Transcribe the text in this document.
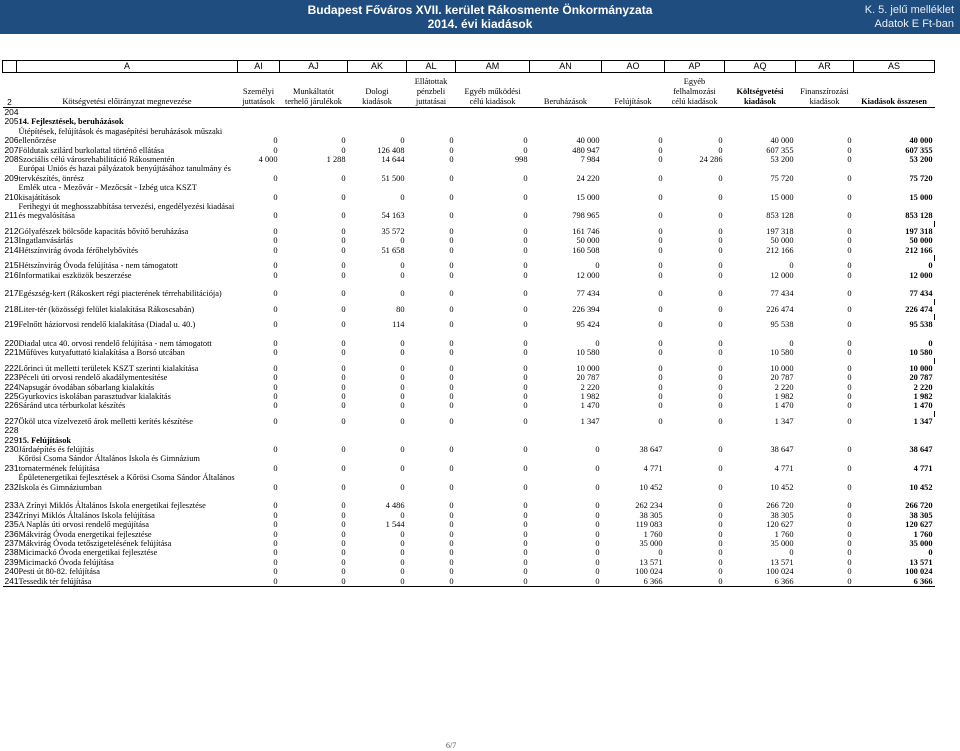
Budapest Főváros XVII. kerület Rákosmente Önkormányzata
2014. évi kiadások
K. 5. jelű melléklet
Adatok E Ft-ban
	A	AI	AJ	AK	AL	AM	AN	AO	AP	AQ	AR	AS
2	Kötségvetési előirányzat megnevezése	Személyi juttatások	Munkáltatót terhelő járulékok	Dologi kiadások	Ellátottak pénzbeli juttatásai	Egyéb működési célú kiadások	Beruházások	Felújítások	Egyéb felhalmozási célú kiadások	Költségvetési kiadások	Finanszírozási kiadások	Kiadások összesen
204												
205	14. Fejlesztések, beruházások											
206	Útépítések, felújítások és magasépítési beruházások műszaki ellenőrzése	0	0	0	0	0	40 000	0	0	40 000	0	40 000
207	Földutak szilárd burkolattal történő ellátása	0	0	126 408	0	0	480 947	0	0	607 355	0	607 355
208	Szociális célú városrehabilitáció Rákosmentén	4 000	1 288	14 644	0	998	7 984	0	24 286	53 200	0	53 200
209	Európai Uniós és hazai pályázatok benyújtásához tanulmány és tervkészítés, önrész	0	0	51 500	0	0	24 220	0	0	75 720	0	75 720
210	Emlék utca - Mezővár - Mezőcsát - Izbég utca KSZT kisajátítások	0	0	0	0	0	15 000	0	0	15 000	0	15 000
211	Ferihegyi út meghosszabbítása tervezési, engedélyezési kiadásai és megvalósítása	0	0	54 163	0	0	798 965	0	0	853 128	0	853 128

212	Gólyafészek bölcsőde kapacitás bővítő beruházása	0	0	35 572	0	0	161 746	0	0	197 318	0	197 318
213	Ingatlanvásárlás	0	0	0	0	0	50 000	0	0	50 000	0	50 000
214	Hétszínvirág óvoda férőhelybővítés	0	0	51 658	0	0	160 508	0	0	212 166	0	212 166

215	Hétszínvirág Óvoda felújítása - nem támogatott	0	0	0	0	0	0	0	0	0	0	0
216	Informatikai eszközök beszerzése	0	0	0	0	0	12 000	0	0	12 000	0	12 000
217	Egészség-kert (Rákoskert régi piacterének térrehabilitációja)	0	0	0	0	0	77 434	0	0	77 434	0	77 434

218	Liter-tér (közösségi felület kialakítása Rákoscsabán)	0	0	80	0	0	226 394	0	0	226 474	0	226 474

219	Felnőtt háziorvosi rendelő kialakítása (Diadal u. 40.)	0	0	114	0	0	95 424	0	0	95 538	0	95 538
220	Diadal utca 40. orvosi rendelő felújítása - nem támogatott	0	0	0	0	0	0	0	0	0	0	0
221	Műfüves kutyafuttató kialakítása a Borsó utcában	0	0	0	0	0	10 580	0	0	10 580	0	10 580

222	Lőrinci út melletti területek KSZT szerinti kialakítása	0	0	0	0	0	10 000	0	0	10 000	0	10 000
223	Péceli úti orvosi rendelő akadálymentesítése	0	0	0	0	0	20 787	0	0	20 787	0	20 787
224	Napsugár óvodában sóbarlang kialakítás	0	0	0	0	0	2 220	0	0	2 220	0	2 220
225	Gyurkovics iskolában parasztudvar kialakítás	0	0	0	0	0	1 982	0	0	1 982	0	1 982
226	Sáránd utca térburkolat készítés	0	0	0	0	0	1 470	0	0	1 470	0	1 470

227	Ököl utca vízelvezető árok melletti kerítés készítése	0	0	0	0	0	1 347	0	0	1 347	0	1 347
228												
229	15. Felújítások											
230	Járdaépítés és felújítás	0	0	0	0	0	0	38 647	0	38 647	0	38 647
231	Kőrösi Csoma Sándor Általános Iskola és Gimnázium tornatermének felújítása	0	0	0	0	0	0	4 771	0	4 771	0	4 771
232	Épületenergetikai fejlesztések a Kőrösi Csoma Sándor Általános Iskola és Gimnáziumban	0	0	0	0	0	0	10 452	0	10 452	0	10 452
233	A Zrínyi Miklós Általános Iskola energetikai fejlesztése	0	0	4 486	0	0	0	262 234	0	266 720	0	266 720
234	Zrínyi Miklós Általános Iskola felújítása	0	0	0	0	0	0	38 305	0	38 305	0	38 305
235	A Naplás úti orvosi rendelő megújítása	0	0	1 544	0	0	0	119 083	0	120 627	0	120 627
236	Mákvirág Óvoda energetikai fejlesztése	0	0	0	0	0	0	1 760	0	1 760	0	1 760
237	Mákvirág Óvoda tetőszigetelésének felújítása	0	0	0	0	0	0	35 000	0	35 000	0	35 000
238	Micimackó Óvoda energetikai fejlesztése	0	0	0	0	0	0	0	0	0	0	0
239	Micimackó Óvoda felújítása	0	0	0	0	0	0	13 571	0	13 571	0	13 571
240	Pesti út 80-82. felújítása	0	0	0	0	0	0	100 024	0	100 024	0	100 024
241	Tessedik tér felújítása	0	0	0	0	0	0	6 366	0	6 366	0	6 366
6/7
